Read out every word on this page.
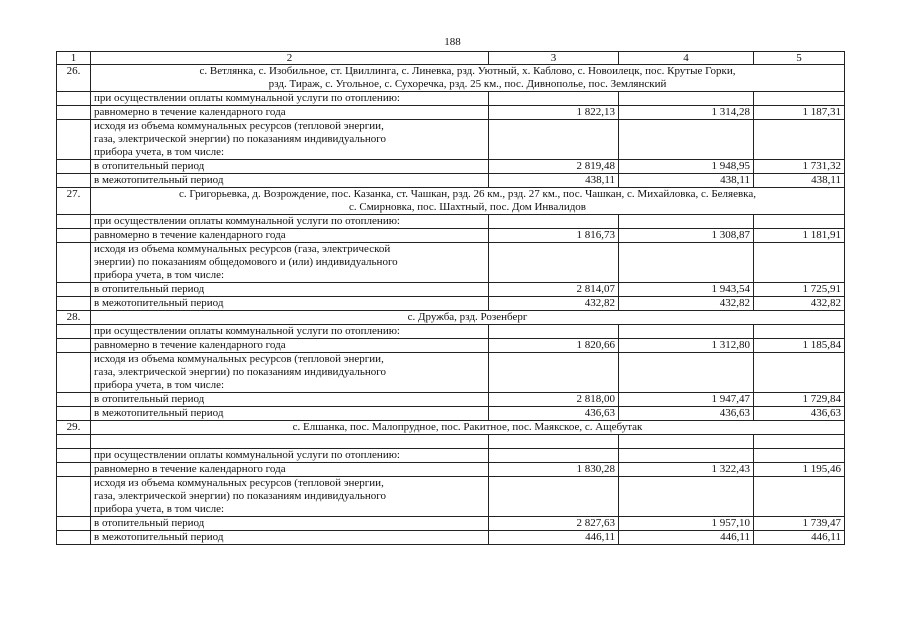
188
1	2	3	4	5
26.	с. Ветлянка, с. Изобильное, ст. Цвиллинга, с. Линевка, рзд. Уютный, х. Каблово, с. Новоилецк, пос. Крутые Горки,
рзд. Тираж, с. Угольное, с. Сухоречка, рзд. 25 км., пос. Дивнополье, пос. Землянский			

	при осуществлении оплаты коммунальной услуги по отоплению:			
	равномерно в течение календарного года	1 822,13	1 314,28	1 187,31

	исходя из объема коммунальных ресурсов (тепловой энергии,
газа, электрической энергии) по показаниям индивидуального
прибора учета, в том числе:			

	в отопительный период	2 819,48	1 948,95	1 731,32
	в межотопительный период	438,11	438,11	438,11
27.	с. Григорьевка, д. Возрождение, пос. Казанка, ст. Чашкан, рзд. 26 км., рзд. 27 км., пос. Чашкан, с. Михайловка, с. Беляевка,
с. Смирновка, пос. Шахтный, пос. Дом Инвалидов			

	при осуществлении оплаты коммунальной услуги по отоплению:			
	равномерно в течение календарного года	1 816,73	1 308,87	1 181,91

	исходя из объема коммунальных ресурсов (газа, электрической
энергии) по показаниям общедомового и (или) индивидуального
прибора учета, в том числе:			

	в отопительный период	2 814,07	1 943,54	1 725,91
	в межотопительный период	432,82	432,82	432,82
28.	с. Дружба, рзд. Розенберг			

	при осуществлении оплаты коммунальной услуги по отоплению:			
	равномерно в течение календарного года	1 820,66	1 312,80	1 185,84

	исходя из объема коммунальных ресурсов (тепловой энергии,
газа, электрической энергии) по показаниям индивидуального
прибора учета, в том числе:			

	в отопительный период	2 818,00	1 947,47	1 729,84
	в межотопительный период	436,63	436,63	436,63
29.	с. Елшанка, пос. Малопрудное, пос. Ракитное, пос. Маякское, с. Ащебутак			

	при осуществлении оплаты коммунальной услуги по отоплению:			
	равномерно в течение календарного года	1 830,28	1 322,43	1 195,46

	исходя из объема коммунальных ресурсов (тепловой энергии,
газа, электрической энергии) по показаниям индивидуального
прибора учета, в том числе:			

	в отопительный период	2 827,63	1 957,10	1 739,47
	в межотопительный период	446,11	446,11	446,11
